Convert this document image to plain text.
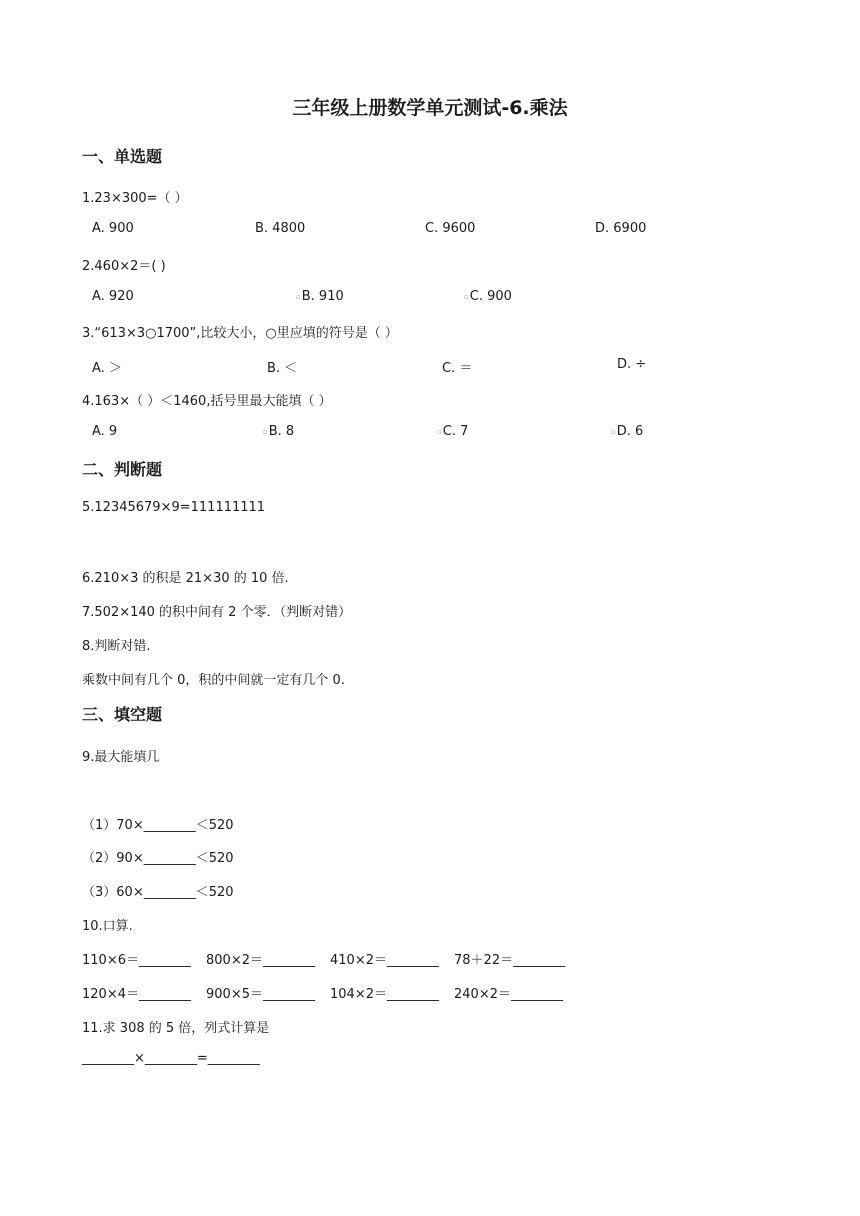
三年级上册数学单元测试-6.乘法
一、单选题
1.23×300=（ ）
A. 900	B. 4800	C. 9600	D. 6900
2.460×2＝( )
A. 920	▫B. 910	▫C. 900
3.“613×3○1700”,比较大小，○里应填的符号是（ ）
A. ＞	B. ＜	C. ＝	D. ÷
4.163×（ ）＜1460,括号里最大能填（ ）
A. 9	▫B. 8	▫C. 7	▫D. 6
二、判断题
5.12345679×9=111111111
6.210×3 的积是 21×30 的 10 倍.
7.502×140 的积中间有 2 个零．（判断对错）
8.判断对错.
乘数中间有几个 0，积的中间就一定有几个 0.
三、填空题
9.最大能填几
（1）70×________＜520
（2）90×________＜520
（3）60×________＜520
10.口算.
110×6＝________ 800×2＝________ 410×2＝________ 78＋22＝________
120×4＝________ 900×5＝________ 104×2＝________ 240×2＝________
11.求 308 的 5 倍，列式计算是
________×________=________
